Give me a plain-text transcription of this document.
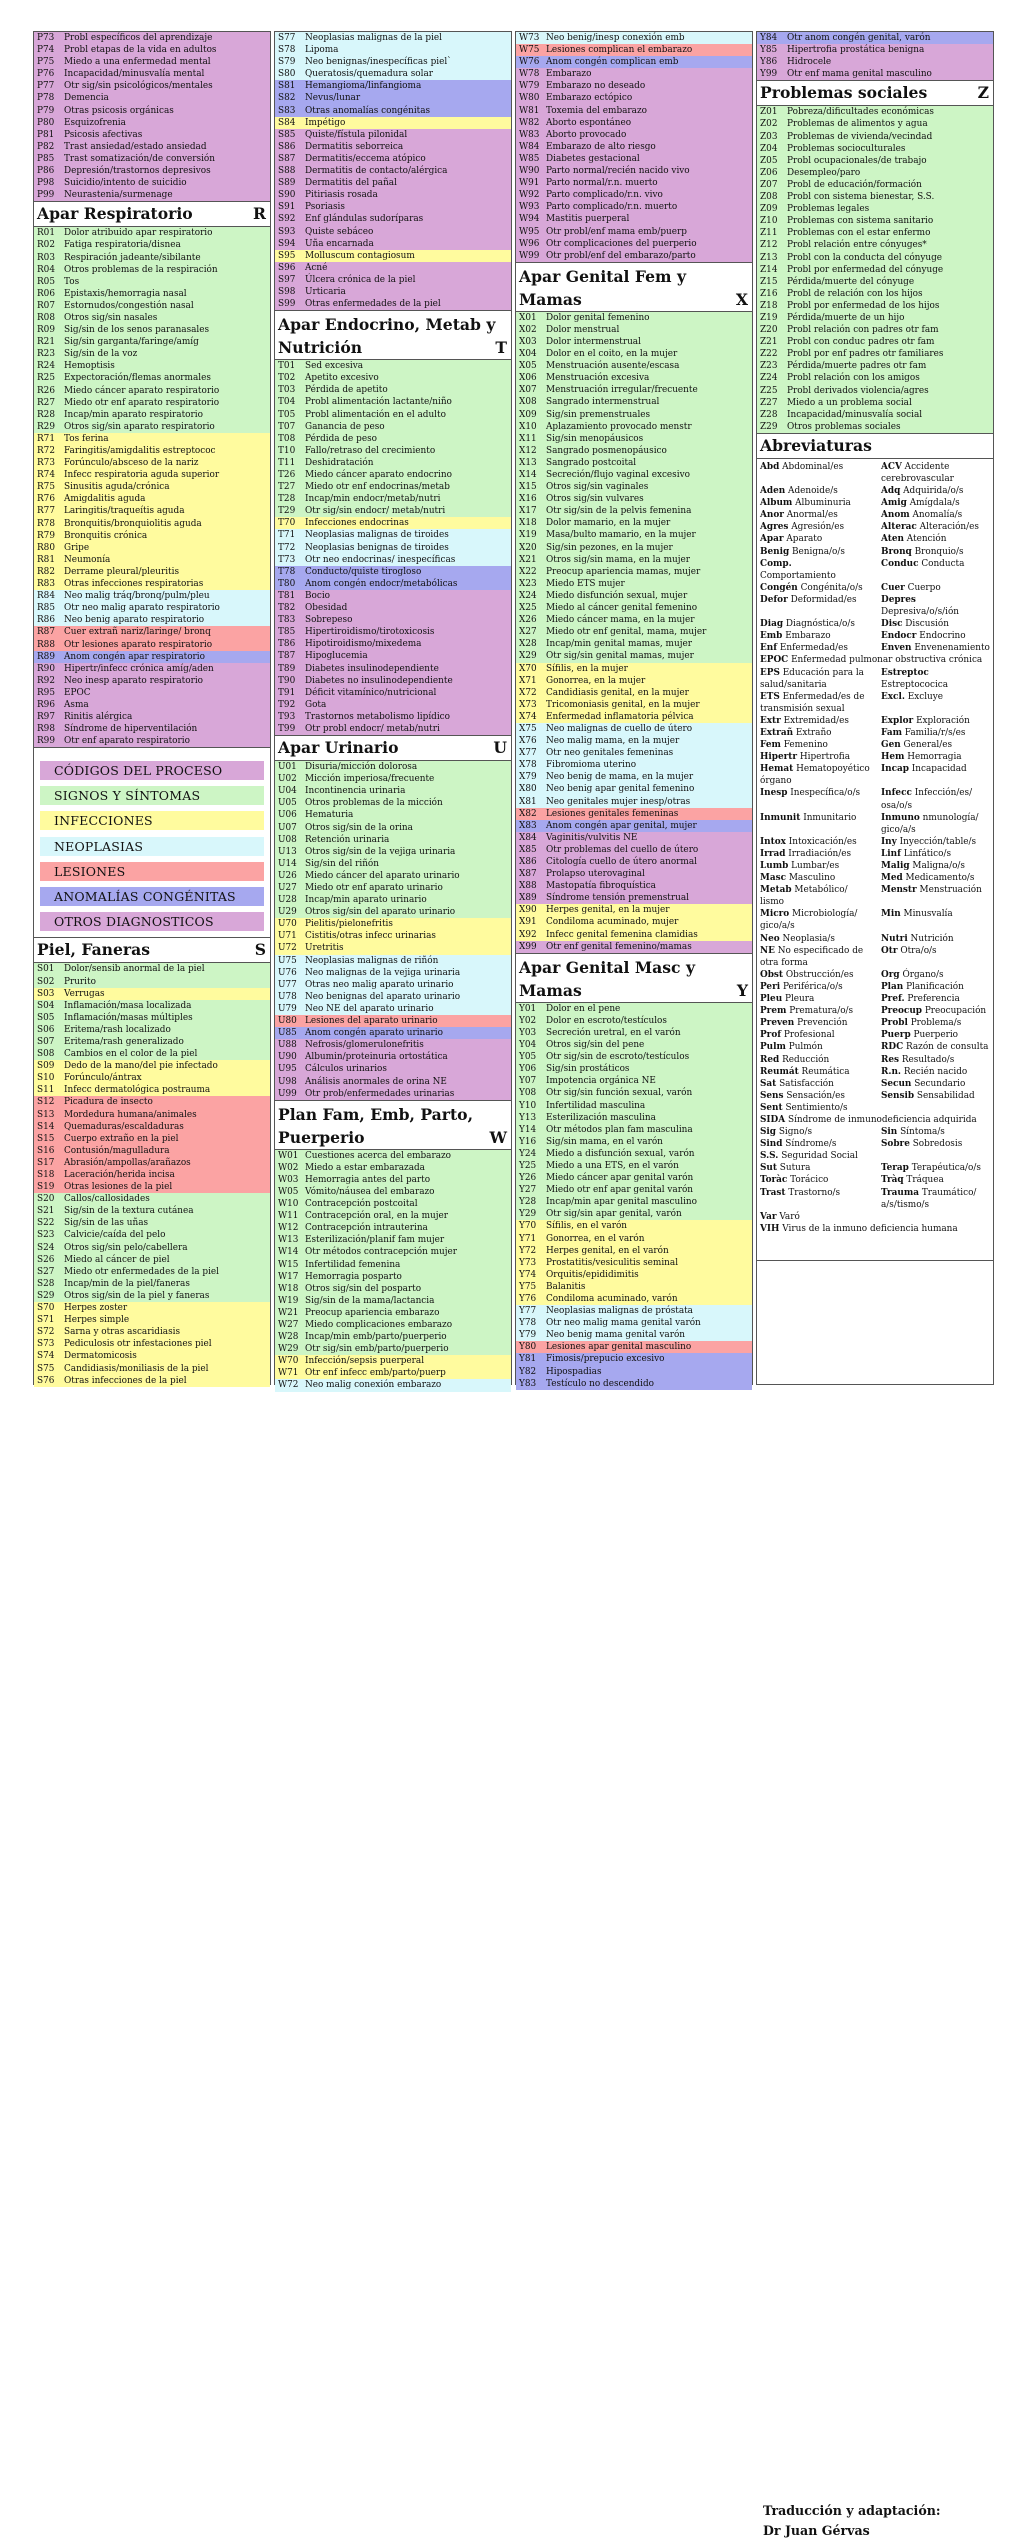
P73	Probl específicos del aprendizaje
P74	Probl etapas de la vida en adultos
P75	Miedo a una enfermedad mental
P76	Incapacidad/minusvalía mental
P77	Otr sig/sin psicológicos/mentales
P78	Demencia
P79	Otras psicosis orgánicas
P80	Esquizofrenia
P81	Psicosis afectivas
P82	Trast ansiedad/estado ansiedad
P85	Trast somatización/de conversión
P86	Depresión/trastornos depresivos
P98	Suicidio/intento de suicidio
P99	Neurastenia/surmenage
Apar Respiratorio	R
R01	Dolor atribuido apar respiratorio
R02	Fatiga respiratoria/disnea
R03	Respiración jadeante/sibilante
R04	Otros problemas de la respiración
R05	Tos
R06	Epistaxis/hemorragia nasal
R07	Estornudos/congestión nasal
R08	Otros sig/sin nasales
R09	Sig/sin de los senos paranasales
R21	Sig/sin garganta/faringe/amíg
R23	Sig/sin de la voz
R24	Hemoptisis
R25	Expectoración/flemas anormales
R26	Miedo cáncer aparato respiratorio
R27	Miedo otr enf aparato respiratorio
R28	Incap/min aparato respiratorio
R29	Otros sig/sin aparato respiratorio
R71	Tos ferina
R72	Faringitis/amigdalitis estreptococ
R73	Forúnculo/absceso de la nariz
R74	Infecc respiratoria aguda superior
R75	Sinusitis aguda/crónica
R76	Amigdalitis aguda
R77	Laringitis/traqueítis aguda
R78	Bronquitis/bronquiolitis aguda
R79	Bronquitis crónica
R80	Gripe
R81	Neumonía
R82	Derrame pleural/pleuritis
R83	Otras infecciones respiratorias
R84	Neo malig tráq/bronq/pulm/pleu
R85	Otr neo malig aparato respiratorio
R86	Neo benig aparato respiratorio
R87	Cuer extrañ nariz/laringe/ bronq
R88	Otr lesiones aparato respiratorio
R89	Anom congén apar respiratorio
R90	Hipertr/infecc crónica amíg/aden
R92	Neo inesp aparato respiratorio
R95	EPOC
R96	Asma
R97	Rinitis alérgica
R98	Síndrome de hiperventilación
R99	Otr enf aparato respiratorio
CÓDIGOS DEL PROCESO
SIGNOS Y SÍNTOMAS
INFECCIONES
NEOPLASIAS
LESIONES
ANOMALÍAS CONGÉNITAS
OTROS DIAGNOSTICOS
Piel, Faneras	S
S01	Dolor/sensib anormal de la piel
S02	Prurito
S03	Verrugas
S04	Inflamación/masa localizada
S05	Inflamación/masas múltiples
S06	Eritema/rash localizado
S07	Eritema/rash generalizado
S08	Cambios en el color de la piel
S09	Dedo de la mano/del pie infectado
S10	Forúnculo/ántrax
S11	Infecc dermatológica postrauma
S12	Picadura de insecto
S13	Mordedura humana/animales
S14	Quemaduras/escaldaduras
S15	Cuerpo extraño en la piel
S16	Contusión/magulladura
S17	Abrasión/ampollas/arañazos
S18	Laceración/herida incisa
S19	Otras lesiones de la piel
S20	Callos/callosidades
S21	Sig/sin de la textura cutánea
S22	Sig/sin de las uñas
S23	Calvicie/caída del pelo
S24	Otros sig/sin pelo/cabellera
S26	Miedo al cáncer de piel
S27	Miedo otr enfermedades de la piel
S28	Incap/min de la piel/faneras
S29	Otros sig/sin de la piel y faneras
S70	Herpes zoster
S71	Herpes simple
S72	Sarna y otras ascaridiasis
S73	Pediculosis otr infestaciones piel
S74	Dermatomicosis
S75	Candidiasis/moniliasis de la piel
S76	Otras infecciones de la piel
S77	Neoplasias malignas de la piel
S78	Lipoma
S79	Neo benignas/inespecíficas piel`
S80	Queratosis/quemadura solar
S81	Hemangioma/linfangioma
S82	Nevus/lunar
S83	Otras anomalías congénitas
S84	Impétigo
S85	Quiste/fístula pilonidal
S86	Dermatitis seborreica
S87	Dermatitis/eccema atópico
S88	Dermatitis de contacto/alérgica
S89	Dermatitis del pañal
S90	Pitiriasis rosada
S91	Psoriasis
S92	Enf glándulas sudoríparas
S93	Quiste sebáceo
S94	Uña encarnada
S95	Molluscum contagiosum
S96	Acné
S97	Úlcera crónica de la piel
S98	Urticaria
S99	Otras enfermedades de la piel
Apar Endocrino, Metab y
Nutrición	T
T01	Sed excesiva
T02	Apetito excesivo
T03	Pérdida de apetito
T04	Probl alimentación lactante/niño
T05	Probl alimentación en el adulto
T07	Ganancia de peso
T08	Pérdida de peso
T10	Fallo/retraso del crecimiento
T11	Deshidratación
T26	Miedo cáncer aparato endocrino
T27	Miedo otr enf endocrinas/metab
T28	Incap/min endocr/metab/nutri
T29	Otr sig/sin endocr/ metab/nutri
T70	Infecciones endocrinas
T71	Neoplasias malignas de tiroides
T72	Neoplasias benignas de tiroides
T73	Otr neo endocrinas/ inespecíficas
T78	Conducto/quiste tirogloso
T80	Anom congén endocr/metabólicas
T81	Bocio
T82	Obesidad
T83	Sobrepeso
T85	Hipertiroidismo/tirotoxicosis
T86	Hipotiroidismo/mixedema
T87	Hipoglucemia
T89	Diabetes insulinodependiente
T90	Diabetes no insulinodependiente
T91	Déficit vitamínico/nutricional
T92	Gota
T93	Trastornos metabolismo lipídico
T99	Otr probl endocr/ metab/nutri
Apar Urinario	U
U01 Disuria/micción dolorosa
U02 Micción imperiosa/frecuente
U04 Incontinencia urinaria
U05 Otros problemas de la micción
U06 Hematuria
U07 Otros sig/sin de la orina
U08 Retención urinaria
U13 Otros sig/sin de la vejiga urinaria
U14 Sig/sin del riñón
U26 Miedo cáncer del aparato urinario
U27 Miedo otr enf aparato urinario
U28 Incap/min aparato urinario
U29 Otros sig/sin del aparato urinario
U70 Pielitis/pielonefritis
U71 Cistitis/otras infecc urinarias
U72 Uretritis
U75 Neoplasias malignas de riñón
U76 Neo malignas de la vejiga urinaria
U77 Otras neo malig aparato urinario
U78 Neo benignas del aparato urinario
U79 Neo NE del aparato urinario
U80 Lesiones del aparato urinario
U85 Anom congén aparato urinario
U88 Nefrosis/glomerulonefritis
U90 Albumin/proteinuria ortostática
U95 Cálculos urinarios
U98 Análisis anormales de orina NE
U99 Otr prob/enfermedades urinarias
Plan Fam, Emb, Parto,
Puerperio	W
W01 Cuestiones acerca del embarazo
W02 Miedo a estar embarazada
W03 Hemorragia antes del parto
W05 Vómito/náusea del embarazo
W10 Contracepción postcoital
W11 Contracepción oral, en la mujer
W12 Contracepción intrauterina
W13 Esterilización/planif fam mujer
W14 Otr métodos contracepción mujer
W15 Infertilidad femenina
W17 Hemorragia posparto
W18 Otros sig/sin del posparto
W19 Sig/sin de la mama/lactancia
W21 Preocup apariencia embarazo
W27 Miedo complicaciones embarazo
W28 Incap/min emb/parto/puerperio
W29 Otr sig/sin emb/parto/puerperio
W70 Infección/sepsis puerperal
W71 Otr enf infecc emb/parto/puerp
W72 Neo malig conexión embarazo
W73 Neo benig/inesp conexión emb
W75 Lesiones complican el embarazo
W76 Anom congén complican emb
W78 Embarazo
W79 Embarazo no deseado
W80 Embarazo ectópico
W81 Toxemia del embarazo
W82 Aborto espontáneo
W83 Aborto provocado
W84 Embarazo de alto riesgo
W85 Diabetes gestacional
W90 Parto normal/recién nacido vivo
W91 Parto normal/r.n. muerto
W92 Parto complicado/r.n. vivo
W93 Parto complicado/r.n. muerto
W94 Mastitis puerperal
W95 Otr probl/enf mama emb/puerp
W96 Otr complicaciones del puerperio
W99 Otr probl/enf del embarazo/parto
Apar Genital Fem y
Mamas	X
X01	Dolor genital femenino
X02	Dolor menstrual
X03	Dolor intermenstrual
X04	Dolor en el coito, en la mujer
X05	Menstruación ausente/escasa
X06	Menstruación excesiva
X07	Menstruación irregular/frecuente
X08	Sangrado intermenstrual
X09	Sig/sin premenstruales
X10	Aplazamiento provocado menstr
X11	Sig/sin menopáusicos
X12	Sangrado posmenopáusico
X13	Sangrado postcoital
X14	Secreción/flujo vaginal excesivo
X15	Otros sig/sin vaginales
X16	Otros sig/sin vulvares
X17	Otr sig/sin de la pelvis femenina
X18	Dolor mamario, en la mujer
X19	Masa/bulto mamario, en la mujer
X20	Sig/sin pezones, en la mujer
X21	Otros sig/sin mama, en la mujer
X22	Preocup apariencia mamas, mujer
X23	Miedo ETS mujer
X24	Miedo disfunción sexual, mujer
X25	Miedo al cáncer genital femenino
X26	Miedo cáncer mama, en la mujer
X27	Miedo otr enf genital, mama, mujer
X28	Incap/min genital mamas, mujer
X29	Otr sig/sin genital mamas, mujer
X70	Sífilis, en la mujer
X71	Gonorrea, en la mujer
X72	Candidiasis genital, en la mujer
X73	Tricomoniasis genital, en la mujer
X74	Enfermedad inflamatoria pélvica
X75	Neo malignas de cuello de útero
X76	Neo malig mama, en la mujer
X77	Otr neo genitales femeninas
X78	Fibromioma uterino
X79	Neo benig de mama, en la mujer
X80	Neo benig apar genital femenino
X81	Neo genitales mujer inesp/otras
X82	Lesiones genitales femeninas
X83	Anom congén apar genital, mujer
X84	Vaginitis/vulvitis NE
X85	Otr problemas del cuello de útero
X86	Citología cuello de útero anormal
X87	Prolapso uterovaginal
X88	Mastopatía fibroquística
X89	Síndrome tensión premenstrual
X90	Herpes genital, en la mujer
X91	Condiloma acuminado, mujer
X92	Infecc genital femenina clamidias
X99	Otr enf genital femenino/mamas
Apar Genital Masc y
Mamas	Y
Y01	Dolor en el pene
Y02	Dolor en escroto/testículos
Y03	Secreción uretral, en el varón
Y04	Otros sig/sin del pene
Y05	Otr sig/sin de escroto/testículos
Y06	Sig/sin prostáticos
Y07	Impotencia orgánica NE
Y08	Otr sig/sin función sexual, varón
Y10	Infertilidad masculina
Y13	Esterilización masculina
Y14	Otr métodos plan fam masculina
Y16	Sig/sin mama, en el varón
Y24	Miedo a disfunción sexual, varón
Y25	Miedo a una ETS, en el varón
Y26	Miedo cáncer apar genital varón
Y27	Miedo otr enf apar genital varón
Y28	Incap/min apar genital masculino
Y29	Otr sig/sin apar genital, varón
Y70	Sífilis, en el varón
Y71	Gonorrea, en el varón
Y72	Herpes genital, en el varón
Y73	Prostatitis/vesiculitis seminal
Y74	Orquitis/epididimitis
Y75	Balanitis
Y76	Condiloma acuminado, varón
Y77	Neoplasias malignas de próstata
Y78	Otr neo malig mama genital varón
Y79	Neo benig mama genital varón
Y80	Lesiones apar genital masculino
Y81	Fimosis/prepucio excesivo
Y82	Hipospadias
Y83	Testículo no descendido
Y84	Otr anom congén genital, varón
Y85	Hipertrofia prostática benigna
Y86	Hidrocele
Y99	Otr enf mama genital masculino
Problemas sociales	Z
Z01	Pobreza/dificultades económicas
Z02	Problemas de alimentos y agua
Z03	Problemas de vivienda/vecindad
Z04	Problemas socioculturales
Z05	Probl ocupacionales/de trabajo
Z06	Desempleo/paro
Z07	Probl de educación/formación
Z08	Probl con sistema bienestar, S.S.
Z09	Problemas legales
Z10	Problemas con sistema sanitario
Z11	Problemas con el estar enfermo
Z12	Probl relación entre cónyuges*
Z13	Probl con la conducta del cónyuge
Z14	Probl por enfermedad del cónyuge
Z15	Pérdida/muerte del cónyuge
Z16	Probl de relación con los hijos
Z18	Probl por enfermedad de los hijos
Z19	Pérdida/muerte de un hijo
Z20	Probl relación con padres otr fam
Z21	Probl con conduc padres otr fam
Z22	Probl por enf padres otr familiares
Z23	Pérdida/muerte padres otr fam
Z24	Probl relación con los amigos
Z25	Probl derivados violencia/agres
Z27	Miedo a un problema social
Z28	Incapacidad/minusvalía social
Z29	Otros problemas sociales
Abreviaturas
Abd Abdominal/es	ACV Accidente
cerebrovascular
Aden Adenoide/s	Adq Adquirida/o/s
Album Albuminuria	Amig Amígdala/s
Anor Anormal/es	Anom Anomalía/s
Agres Agresión/es	Alterac Alteración/es
Apar Aparato	Aten Atención
Benig Benigna/o/s	Bronq Bronquio/s
Comp.	Conduc Conducta
Comportamiento
Congén Congénita/o/s	Cuer Cuerpo
Defor Deformidad/es	Depres
Depresiva/o/s/ión
Diag Diagnóstica/o/s	Disc Discusión
Emb Embarazo	Endocr Endocrino
Enf Enfermedad/es	Enven Envenenamiento
EPOC Enfermedad pulmonar obstructiva crónica
EPS Educación para la	Estreptoc
salud/sanitaria	Estreptococica
ETS Enfermedad/es de	Excl. Excluye
transmisión sexual
Extr Extremidad/es	Explor Exploración
Extrañ Extraño	Fam Familia/r/s/es
Fem Femenino	Gen General/es
Hipertr Hipertrofia	Hem Hemorragia
Hemat Hematopoyético	Incap Incapacidad
órgano
Inesp Inespecífica/o/s	Infecc Infección/es/
osa/o/s
Inmunit Inmunitario	Inmuno nmunología/
gico/a/s
Intox Intoxicación/es	Iny Inyección/table/s
Irrad Irradiación/es	Linf Linfático/s
Lumb Lumbar/es	Malig Maligna/o/s
Masc Masculino	Med Medicamento/s
Metab Metabólico/	Menstr Menstruación
lismo
Micro Microbiología/	Min Minusvalía
gico/a/s
Neo Neoplasia/s	Nutri Nutrición
NE No especificado de	Otr Otra/o/s
otra forma
Obst Obstrucción/es	Org Órgano/s
Peri Periférica/o/s	Plan Planificación
Pleu Pleura	Pref. Preferencia
Prem Prematura/o/s	Preocup Preocupación
Preven Prevención	Probl Problema/s
Prof Profesional	Puerp Puerperio
Pulm Pulmón	RDC Razón de consulta
Red Reducción	Res Resultado/s
Reumát Reumática	R.n. Recién nacido
Sat Satisfacción	Secun Secundario
Sens Sensación/es	Sensib Sensabilidad
Sent Sentimiento/s
SIDA Síndrome de inmunodeficiencia adquirida
Sig Signo/s	Sin Síntoma/s
Sind Síndrome/s	Sobre Sobredosis
S.S. Seguridad Social
Sut Sutura	Terap Terapéutica/o/s
Toràc Torácico	Tràq Tráquea
Trast Trastorno/s	Trauma Traumático/
a/s/tismo/s
Var Varó
VIH Virus de la inmuno deficiencia humana
Traducción y adaptación:
Dr Juan Gérvas
